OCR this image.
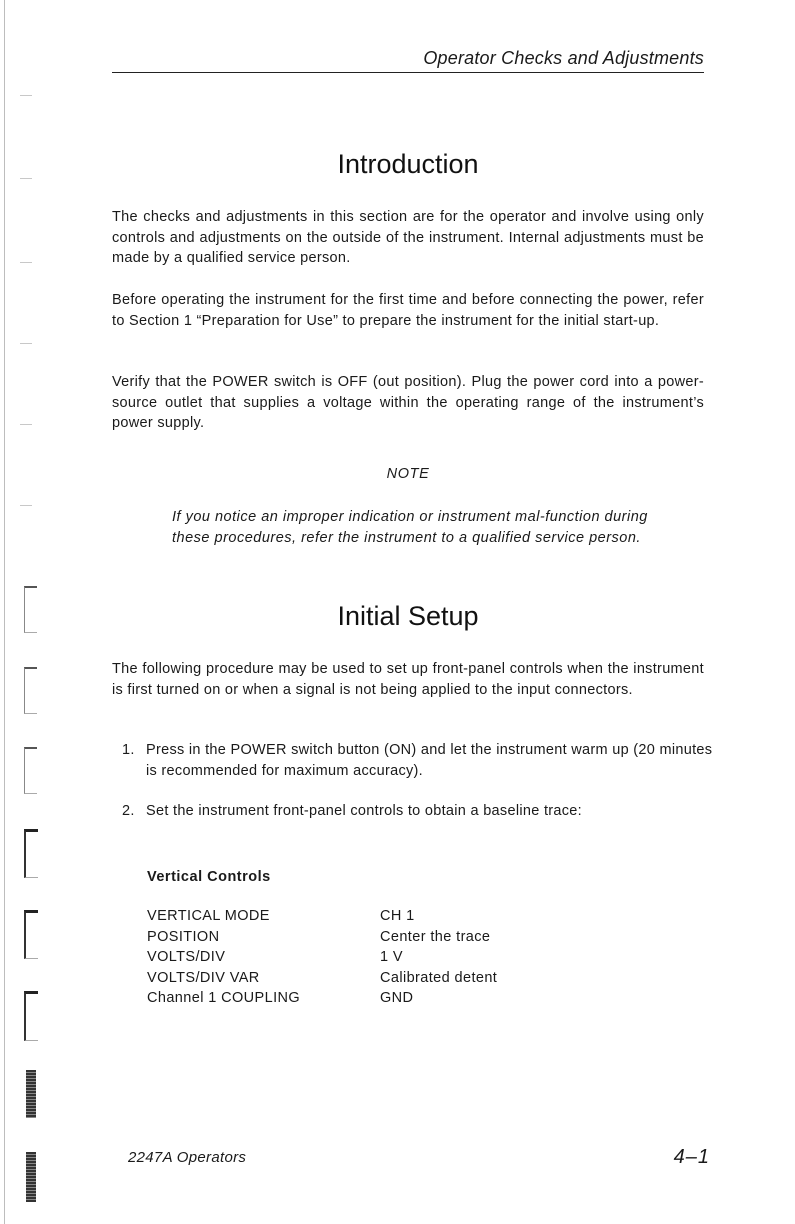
Operator Checks and Adjustments
Introduction

The checks and adjustments in this section are for the operator and involve using only controls and adjustments on the outside of the instrument. Internal adjustments must be made by a qualified service person.

Before operating the instrument for the first time and before connecting the power, refer to Section 1 “Preparation for Use” to prepare the instrument for the initial start-up.

Verify that the POWER switch is OFF (out position). Plug the power cord into a power-source outlet that supplies a voltage within the operating range of the instrument’s power supply.

NOTE

If you notice an improper indication or instrument mal-function during these procedures, refer the instrument to a qualified service person.

Initial Setup

The following procedure may be used to set up front-panel controls when the instrument is first turned on or when a signal is not being applied to the input connectors.

1. Press in the POWER switch button (ON) and let the instrument warm up (20 minutes is recommended for maximum accuracy).
2. Set the instrument front-panel controls to obtain a baseline trace:
Vertical Controls
VERTICAL MODE	CH 1
POSITION	Center the trace
VOLTS/DIV	1 V
VOLTS/DIV VAR	Calibrated detent
Channel 1 COUPLING	GND
2247A Operators	4–1
